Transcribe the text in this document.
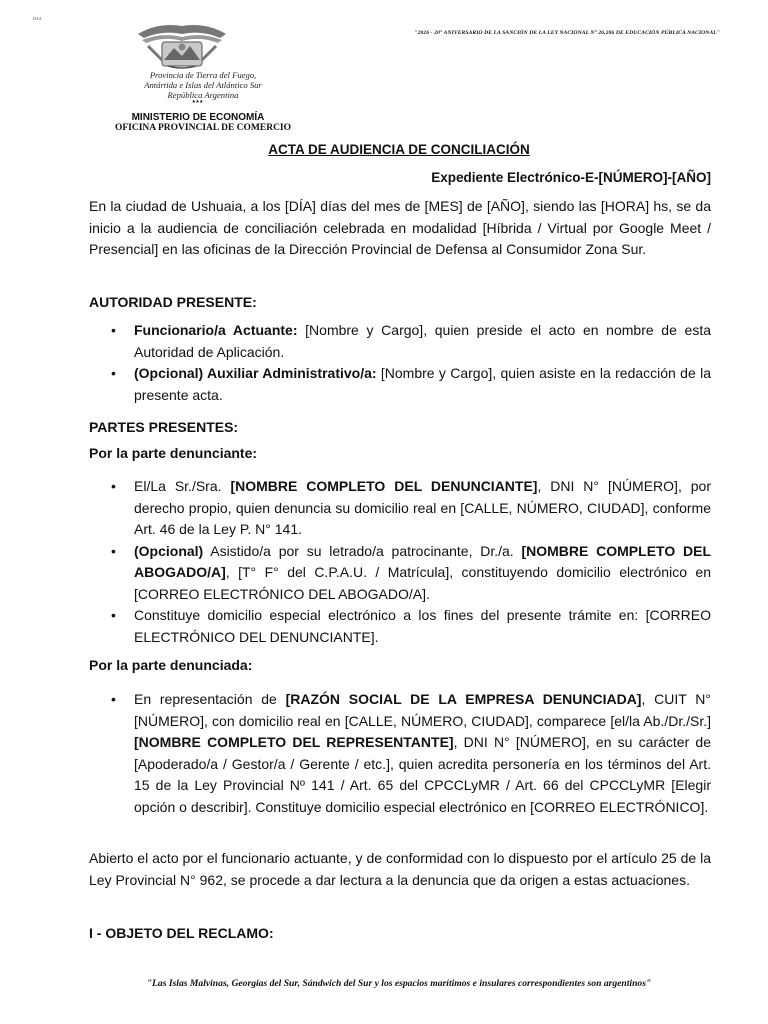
DAA
"2026 - 20° ANIVERSARIO DE LA SANCIÓN DE LA LEY NACIONAL N° 26.206 DE EDUCACIÓN PÚBLICA NACIONAL"
Provincia de Tierra del Fuego,
Antártida e Islas del Atlántico Sur
República Argentina
***
MINISTERIO DE ECONOMÍA
OFICINA PROVINCIAL DE COMERCIO
ACTA DE AUDIENCIA DE CONCILIACIÓN
Expediente Electrónico-E-[NÚMERO]-[AÑO]

En la ciudad de Ushuaia, a los [DÍA] días del mes de [MES] de [AÑO], siendo las [HORA] hs, se da inicio a la audiencia de conciliación celebrada en modalidad [Híbrida / Virtual por Google Meet / Presencial] en las oficinas de la Dirección Provincial de Defensa al Consumidor Zona Sur.

AUTORIDAD PRESENTE:
• Funcionario/a Actuante: [Nombre y Cargo], quien preside el acto en nombre de esta Autoridad de Aplicación.
• (Opcional) Auxiliar Administrativo/a: [Nombre y Cargo], quien asiste en la redacción de la presente acta.
PARTES PRESENTES:
Por la parte denunciante:
• El/La Sr./Sra. [NOMBRE COMPLETO DEL DENUNCIANTE], DNI N° [NÚMERO], por derecho propio, quien denuncia su domicilio real en [CALLE, NÚMERO, CIUDAD], conforme Art. 46 de la Ley P. N° 141.
• (Opcional) Asistido/a por su letrado/a patrocinante, Dr./a. [NOMBRE COMPLETO DEL ABOGADO/A], [T° F° del C.P.A.U. / Matrícula], constituyendo domicilio electrónico en [CORREO ELECTRÓNICO DEL ABOGADO/A].
• Constituye domicilio especial electrónico a los fines del presente trámite en: [CORREO ELECTRÓNICO DEL DENUNCIANTE].
Por la parte denunciada:
• En representación de [RAZÓN SOCIAL DE LA EMPRESA DENUNCIADA], CUIT N° [NÚMERO], con domicilio real en [CALLE, NÚMERO, CIUDAD], comparece [el/la Ab./Dr./Sr.] [NOMBRE COMPLETO DEL REPRESENTANTE], DNI N° [NÚMERO], en su carácter de [Apoderado/a / Gestor/a / Gerente / etc.], quien acredita personería en los términos del Art. 15 de la Ley Provincial Nº 141 / Art. 65 del CPCCLyMR / Art. 66 del CPCCLyMR [Elegir opción o describir]. Constituye domicilio especial electrónico en [CORREO ELECTRÓNICO].

Abierto el acto por el funcionario actuante, y de conformidad con lo dispuesto por el artículo 25 de la Ley Provincial N° 962, se procede a dar lectura a la denuncia que da origen a estas actuaciones.

I - OBJETO DEL RECLAMO:
"Las Islas Malvinas, Georgias del Sur, Sándwich del Sur y los espacios marítimos e insulares correspondientes son argentinos"
